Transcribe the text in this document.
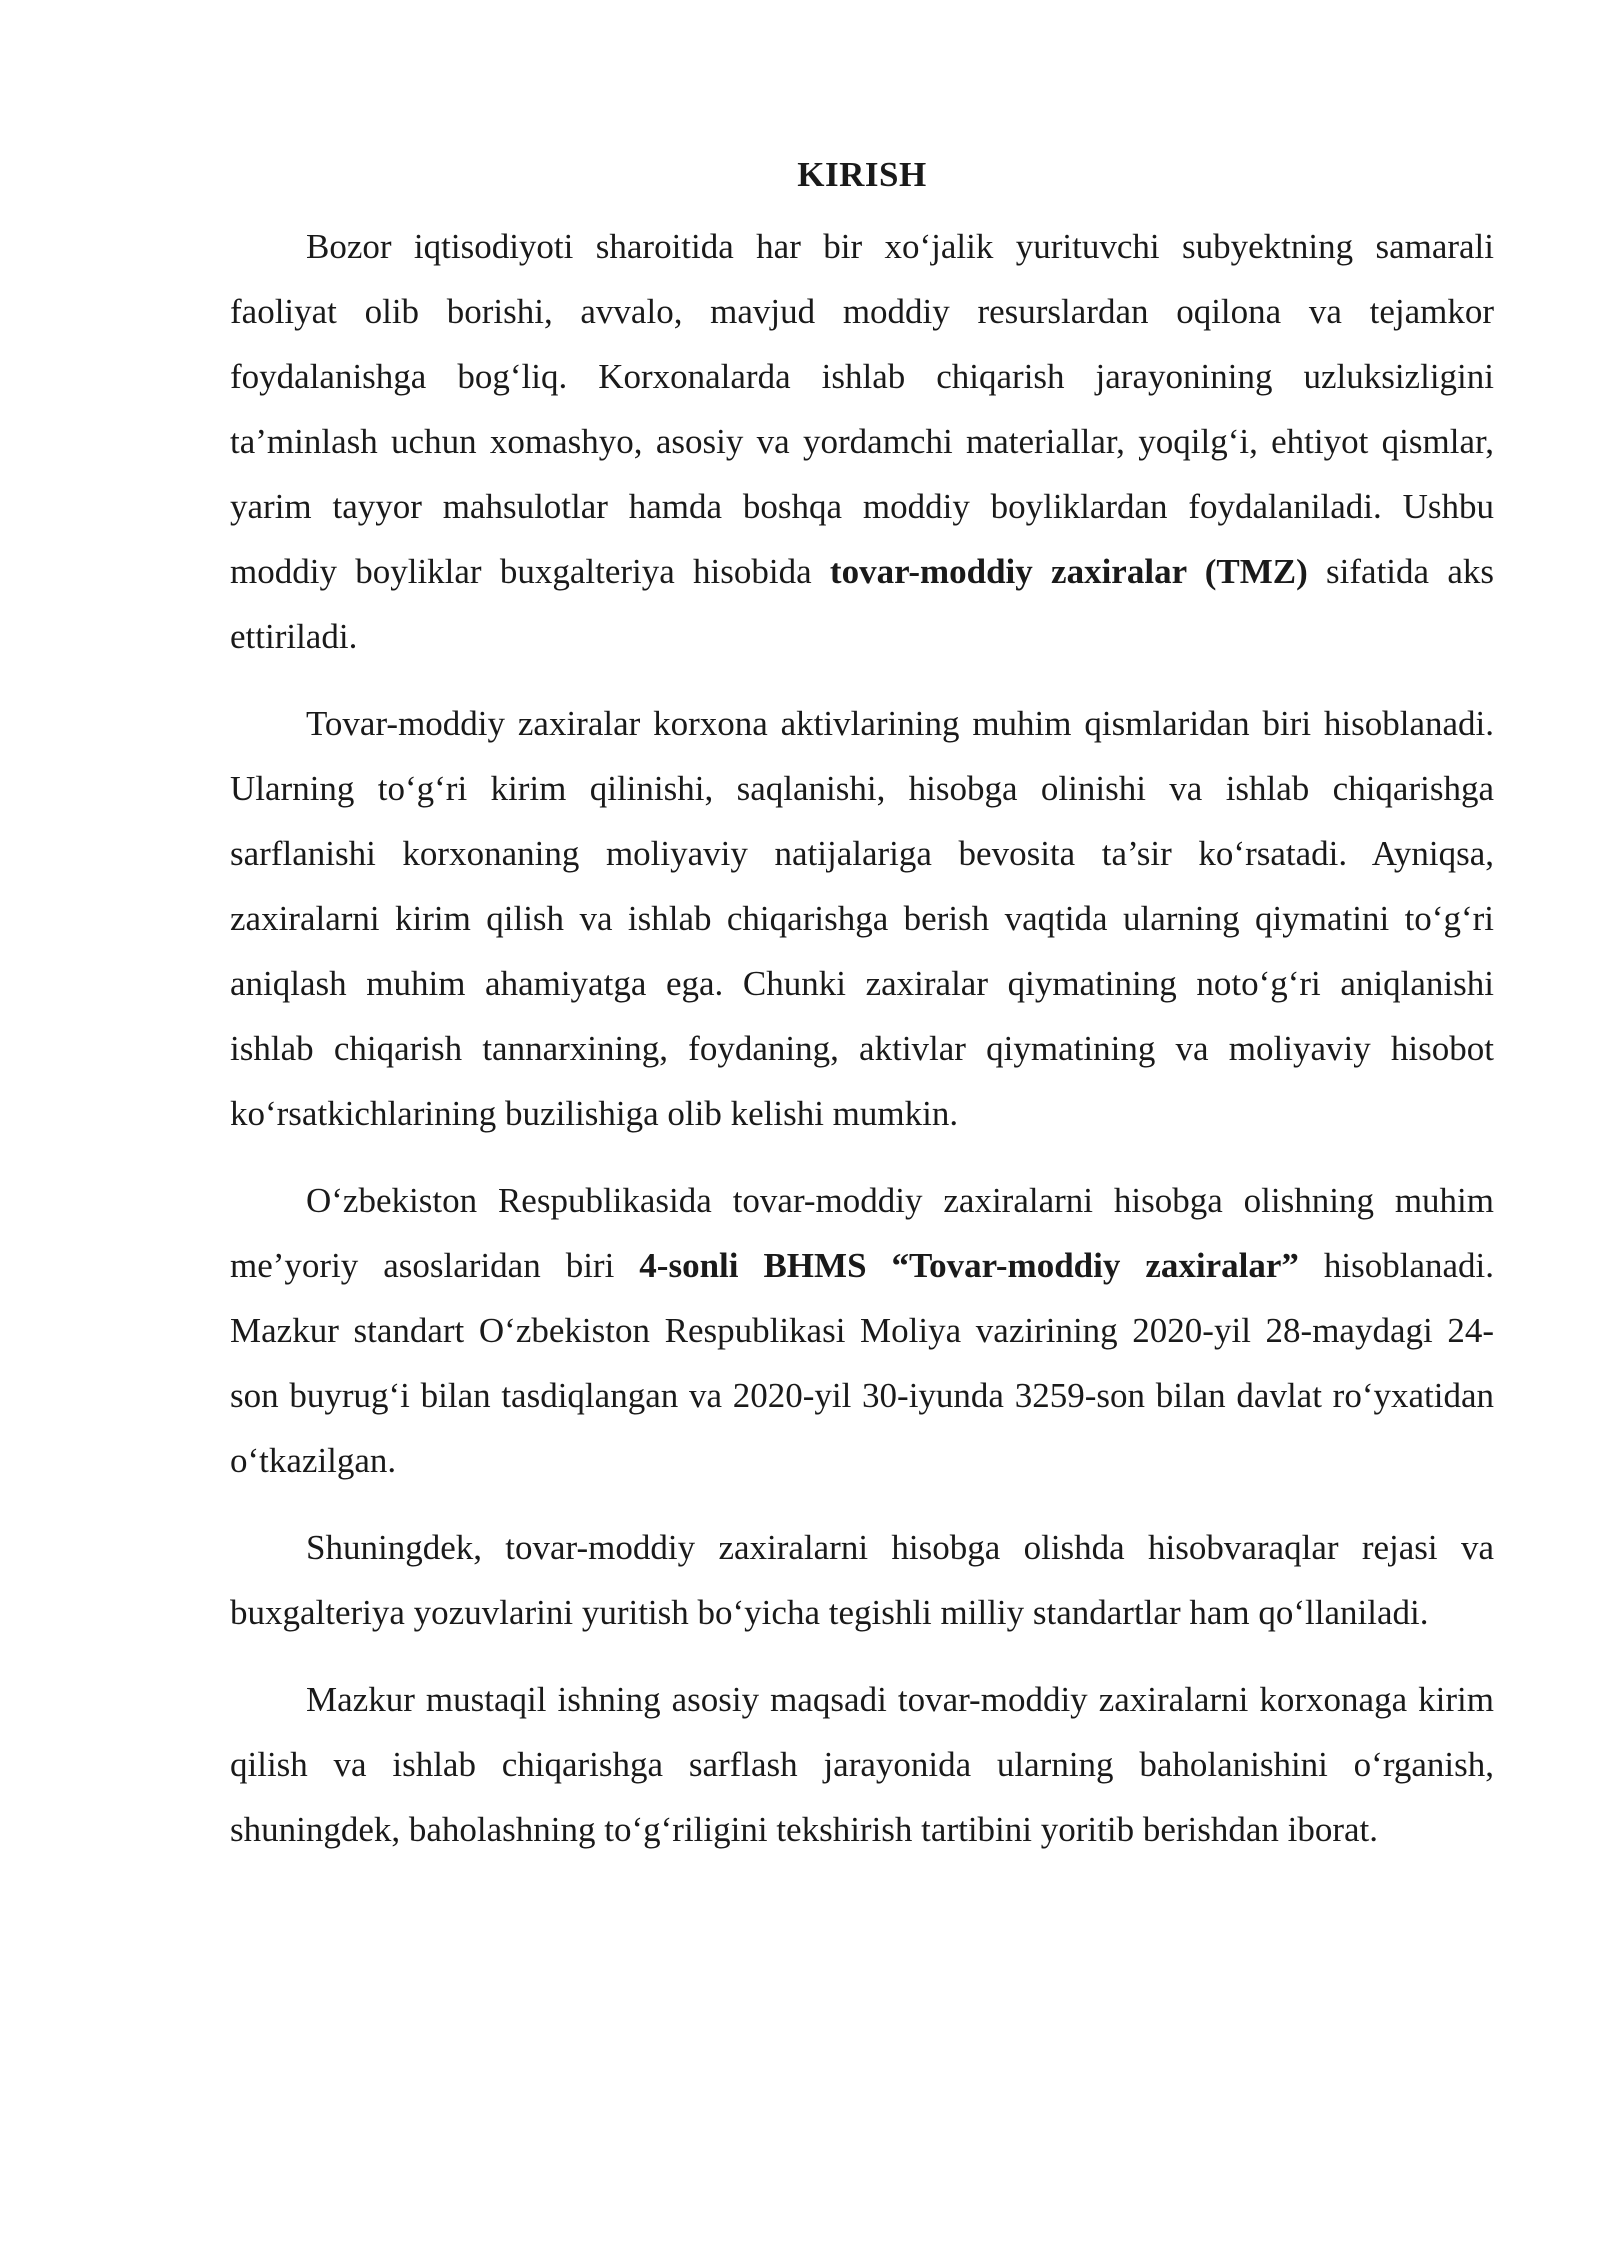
KIRISH

Bozor iqtisodiyoti sharoitida har bir xo‘jalik yurituvchi subyektning samarali faoliyat olib borishi, avvalo, mavjud moddiy resurslardan oqilona va tejamkor foydalanishga bog‘liq. Korxonalarda ishlab chiqarish jarayonining uzluksizligini ta’minlash uchun xomashyo, asosiy va yordamchi materiallar, yoqilg‘i, ehtiyot qismlar, yarim tayyor mahsulotlar hamda boshqa moddiy boyliklardan foydalaniladi. Ushbu moddiy boyliklar buxgalteriya hisobida tovar-moddiy zaxiralar (TMZ) sifatida aks ettiriladi.

Tovar-moddiy zaxiralar korxona aktivlarining muhim qismlaridan biri hisoblanadi. Ularning to‘g‘ri kirim qilinishi, saqlanishi, hisobga olinishi va ishlab chiqarishga sarflanishi korxonaning moliyaviy natijalariga bevosita ta’sir ko‘rsatadi. Ayniqsa, zaxiralarni kirim qilish va ishlab chiqarishga berish vaqtida ularning qiymatini to‘g‘ri aniqlash muhim ahamiyatga ega. Chunki zaxiralar qiymatining noto‘g‘ri aniqlanishi ishlab chiqarish tannarxining, foydaning, aktivlar qiymatining va moliyaviy hisobot ko‘rsatkichlarining buzilishiga olib kelishi mumkin.

O‘zbekiston Respublikasida tovar-moddiy zaxiralarni hisobga olishning muhim me’yoriy asoslaridan biri 4-sonli BHMS “Tovar-moddiy zaxiralar” hisoblanadi. Mazkur standart O‘zbekiston Respublikasi Moliya vazirining 2020-yil 28-maydagi 24-son buyrug‘i bilan tasdiqlangan va 2020-yil 30-iyunda 3259-son bilan davlat ro‘yxatidan o‘tkazilgan.

Shuningdek, tovar-moddiy zaxiralarni hisobga olishda hisobvaraqlar rejasi va buxgalteriya yozuvlarini yuritish bo‘yicha tegishli milliy standartlar ham qo‘llaniladi.

Mazkur mustaqil ishning asosiy maqsadi tovar-moddiy zaxiralarni korxonaga kirim qilish va ishlab chiqarishga sarflash jarayonida ularning baholanishini o‘rganish, shuningdek, baholashning to‘g‘riligini tekshirish tartibini yoritib berishdan iborat.
